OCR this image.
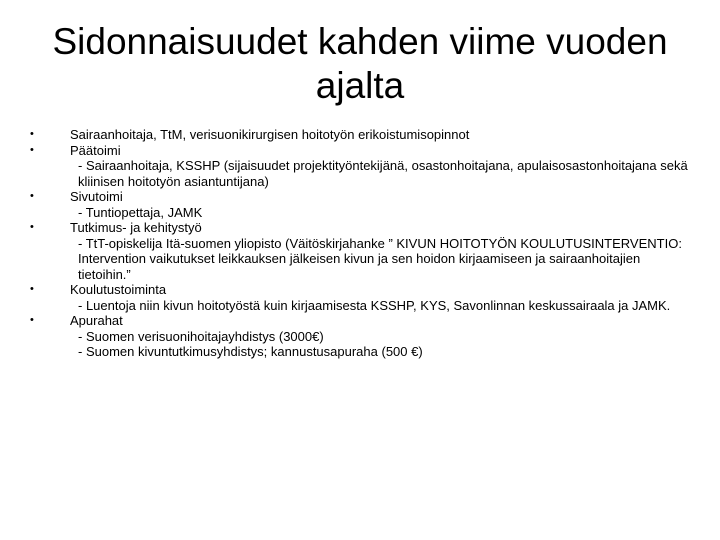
Sidonnaisuudet kahden viime vuoden ajalta
•	Sairaanhoitaja, TtM, verisuonikirurgisen hoitotyön erikoistumisopinnot
•	Päätoimi
- Sairaanhoitaja, KSSHP (sijaisuudet projektityöntekijänä, osastonhoitajana, apulaisosastonhoitajana sekä kliinisen hoitotyön asiantuntijana)
•	Sivutoimi
- Tuntiopettaja, JAMK
•	Tutkimus- ja kehitystyö
- TtT-opiskelija Itä-suomen yliopisto (Väitöskirjahanke ” KIVUN HOITOTYÖN KOULUTUSINTERVENTIO: Intervention vaikutukset leikkauksen jälkeisen kivun ja sen hoidon kirjaamiseen ja sairaanhoitajien tietoihin.”
•	Koulutustoiminta
- Luentoja niin kivun hoitotyöstä kuin kirjaamisesta KSSHP, KYS, Savonlinnan keskussairaala ja JAMK.
•	Apurahat
- Suomen verisuonihoitajayhdistys (3000€)
- Suomen kivuntutkimusyhdistys; kannustusapuraha (500 €)
